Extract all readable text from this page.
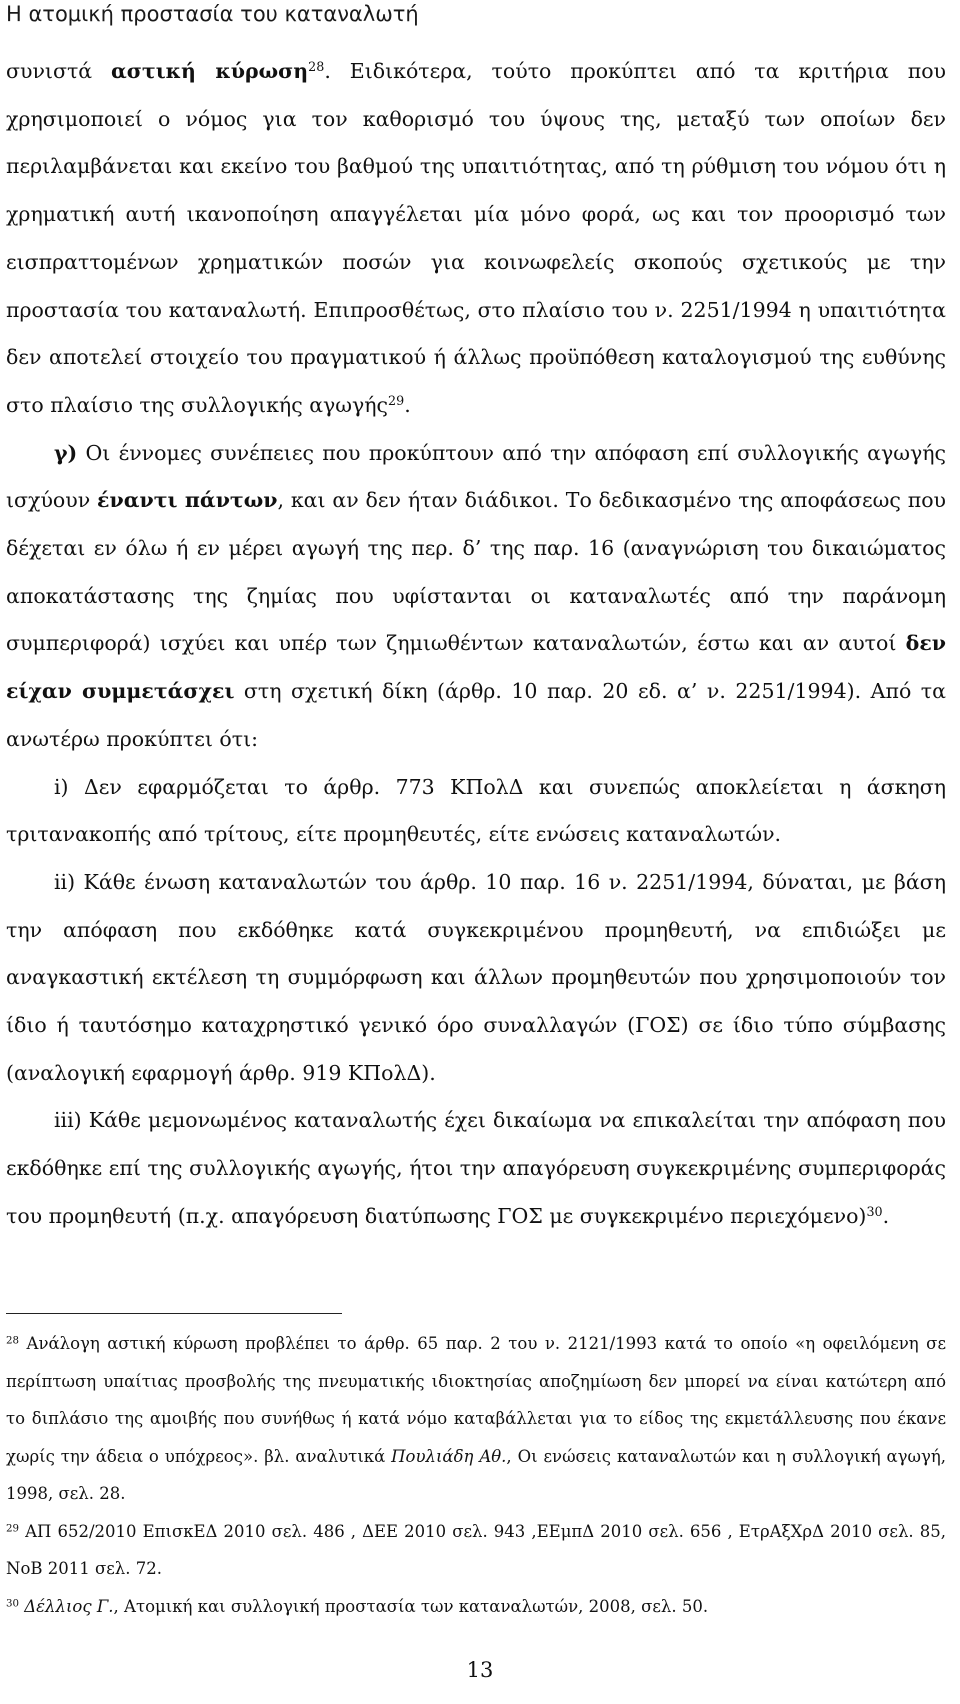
Η ατομική προστασία του καταναλωτή

συνιστά αστική κύρωση$^{28}$. Ειδικότερα, τούτο προκύπτει από τα κριτήρια που χρησιμοποιεί ο νόμος για τον καθορισμό του ύψους της, μεταξύ των οποίων δεν περιλαμβάνεται και εκείνο του βαθμού της υπαιτιότητας, από τη ρύθμιση του νόμου ότι η χρηματική αυτή ικανοποίηση απαγγέλεται μία μόνο φορά, ως και τον προορισμό των εισπραττομένων χρηματικών ποσών για κοινωφελείς σκοπούς σχετικούς με την προστασία του καταναλωτή. Επιπροσθέτως, στο πλαίσιο του ν. 2251/1994 η υπαιτιότητα δεν αποτελεί στοιχείο του πραγματικού ή άλλως προϋπόθεση καταλογισμού της ευθύνης στο πλαίσιο της συλλογικής αγωγής$^{29}$.

γ) Οι έννομες συνέπειες που προκύπτουν από την απόφαση επί συλλογικής αγωγής ισχύουν έναντι πάντων, και αν δεν ήταν διάδικοι. Το δεδικασμένο της αποφάσεως που δέχεται εν όλω ή εν μέρει αγωγή της περ. δ’ της παρ. 16 (αναγνώριση του δικαιώματος αποκατάστασης της ζημίας που υφίστανται οι καταναλωτές από την παράνομη συμπεριφορά) ισχύει και υπέρ των ζημιωθέντων καταναλωτών, έστω και αν αυτοί δεν είχαν συμμετάσχει στη σχετική δίκη (άρθρ. 10 παρ. 20 εδ. α’ ν. 2251/1994). Από τα ανωτέρω προκύπτει ότι:

i) Δεν εφαρμόζεται το άρθρ. 773 ΚΠολΔ και συνεπώς αποκλείεται η άσκηση τριτανακοπής από τρίτους, είτε προμηθευτές, είτε ενώσεις καταναλωτών.

ii) Κάθε ένωση καταναλωτών του άρθρ. 10 παρ. 16 ν. 2251/1994, δύναται, με βάση την απόφαση που εκδόθηκε κατά συγκεκριμένου προμηθευτή, να επιδιώξει με αναγκαστική εκτέλεση τη συμμόρφωση και άλλων προμηθευτών που χρησιμοποιούν τον ίδιο ή ταυτόσημο καταχρηστικό γενικό όρο συναλλαγών (ΓΟΣ) σε ίδιο τύπο σύμβασης (αναλογική εφαρμογή άρθρ. 919 ΚΠολΔ).

iii) Κάθε μεμονωμένος καταναλωτής έχει δικαίωμα να επικαλείται την απόφαση που εκδόθηκε επί της συλλογικής αγωγής, ήτοι την απαγόρευση συγκεκριμένης συμπεριφοράς του προμηθευτή (π.χ. απαγόρευση διατύπωσης ΓΟΣ με συγκεκριμένο περιεχόμενο)$^{30}$.

$^{28}$ Ανάλογη αστική κύρωση προβλέπει το άρθρ. 65 παρ. 2 του ν. 2121/1993 κατά το οποίο «η οφειλόμενη σε περίπτωση υπαίτιας προσβολής της πνευματικής ιδιοκτησίας αποζημίωση δεν μπορεί να είναι κατώτερη από το διπλάσιο της αμοιβής που συνήθως ή κατά νόμο καταβάλλεται για το είδος της εκμετάλλευσης που έκανε χωρίς την άδεια ο υπόχρεος». βλ. αναλυτικά Πουλιάδη Αθ., Οι ενώσεις καταναλωτών και η συλλογική αγωγή, 1998, σελ. 28.

$^{29}$ ΑΠ 652/2010 ΕπισκΕΔ 2010 σελ. 486 , ΔΕΕ 2010 σελ. 943 ,ΕΕμπΔ 2010 σελ. 656 , ΕτρΑξΧρΔ 2010 σελ. 85, ΝοΒ 2011 σελ. 72.

$^{30}$ Δέλλιος Γ., Ατομική και συλλογική προστασία των καταναλωτών, 2008, σελ. 50.

13
